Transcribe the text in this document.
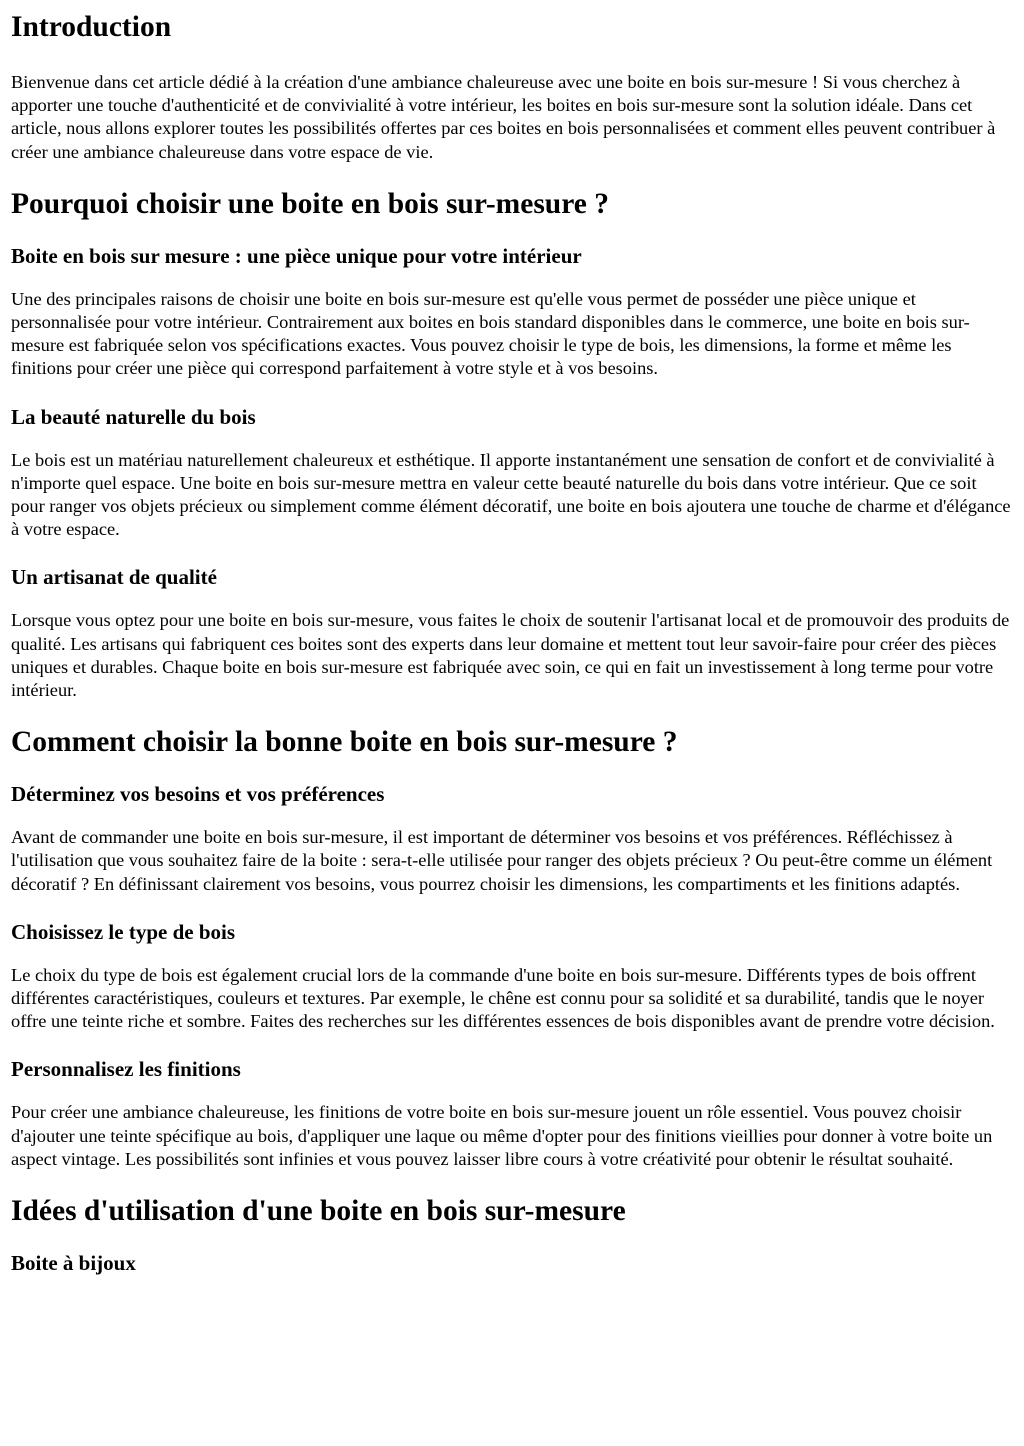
Introduction

Bienvenue dans cet article dédié à la création d'une ambiance chaleureuse avec une boite en bois sur-mesure ! Si vous cherchez à apporter une touche d'authenticité et de convivialité à votre intérieur, les boites en bois sur-mesure sont la solution idéale. Dans cet article, nous allons explorer toutes les possibilités offertes par ces boites en bois personnalisées et comment elles peuvent contribuer à créer une ambiance chaleureuse dans votre espace de vie.

Pourquoi choisir une boite en bois sur-mesure ?
Boite en bois sur mesure : une pièce unique pour votre intérieur

Une des principales raisons de choisir une boite en bois sur-mesure est qu'elle vous permet de posséder une pièce unique et personnalisée pour votre intérieur. Contrairement aux boites en bois standard disponibles dans le commerce, une boite en bois sur-mesure est fabriquée selon vos spécifications exactes. Vous pouvez choisir le type de bois, les dimensions, la forme et même les finitions pour créer une pièce qui correspond parfaitement à votre style et à vos besoins.

La beauté naturelle du bois

Le bois est un matériau naturellement chaleureux et esthétique. Il apporte instantanément une sensation de confort et de convivialité à n'importe quel espace. Une boite en bois sur-mesure mettra en valeur cette beauté naturelle du bois dans votre intérieur. Que ce soit pour ranger vos objets précieux ou simplement comme élément décoratif, une boite en bois ajoutera une touche de charme et d'élégance à votre espace.

Un artisanat de qualité

Lorsque vous optez pour une boite en bois sur-mesure, vous faites le choix de soutenir l'artisanat local et de promouvoir des produits de qualité. Les artisans qui fabriquent ces boites sont des experts dans leur domaine et mettent tout leur savoir-faire pour créer des pièces uniques et durables. Chaque boite en bois sur-mesure est fabriquée avec soin, ce qui en fait un investissement à long terme pour votre intérieur.

Comment choisir la bonne boite en bois sur-mesure ?
Déterminez vos besoins et vos préférences

Avant de commander une boite en bois sur-mesure, il est important de déterminer vos besoins et vos préférences. Réfléchissez à l'utilisation que vous souhaitez faire de la boite : sera-t-elle utilisée pour ranger des objets précieux ? Ou peut-être comme un élément décoratif ? En définissant clairement vos besoins, vous pourrez choisir les dimensions, les compartiments et les finitions adaptés.

Choisissez le type de bois

Le choix du type de bois est également crucial lors de la commande d'une boite en bois sur-mesure. Différents types de bois offrent différentes caractéristiques, couleurs et textures. Par exemple, le chêne est connu pour sa solidité et sa durabilité, tandis que le noyer offre une teinte riche et sombre. Faites des recherches sur les différentes essences de bois disponibles avant de prendre votre décision.

Personnalisez les finitions

Pour créer une ambiance chaleureuse, les finitions de votre boite en bois sur-mesure jouent un rôle essentiel. Vous pouvez choisir d'ajouter une teinte spécifique au bois, d'appliquer une laque ou même d'opter pour des finitions vieillies pour donner à votre boite un aspect vintage. Les possibilités sont infinies et vous pouvez laisser libre cours à votre créativité pour obtenir le résultat souhaité.

Idées d'utilisation d'une boite en bois sur-mesure
Boite à bijoux
